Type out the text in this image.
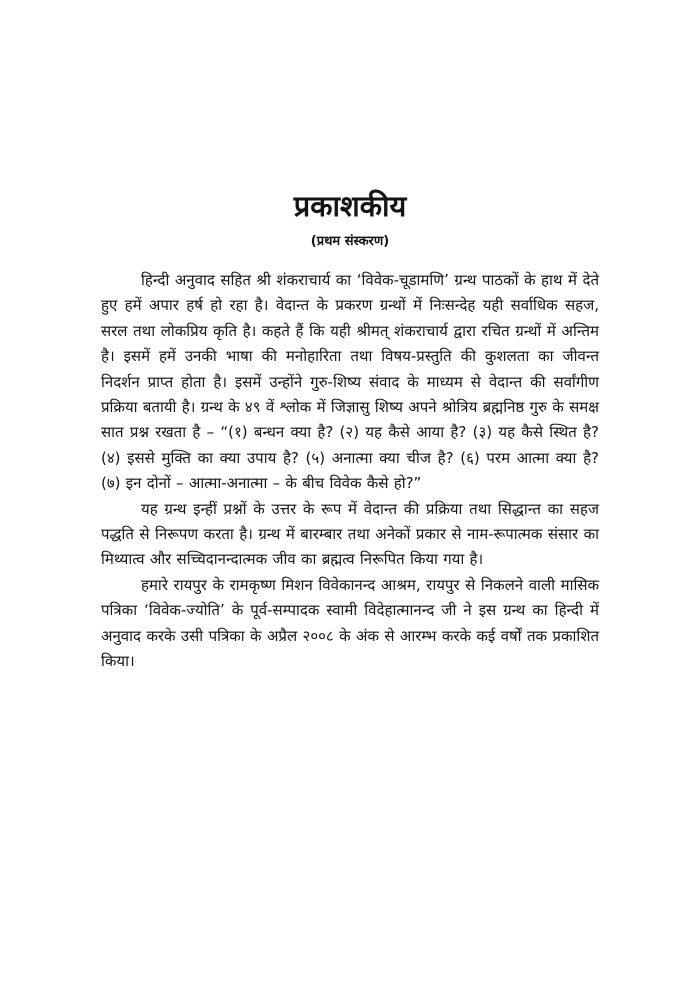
प्रकाशकीय
(प्रथम संस्करण)

हिन्दी अनुवाद सहित श्री शंकराचार्य का ‘विवेक-चूडामणि’ ग्रन्थ पाठकों के हाथ में देते हुए हमें अपार हर्ष हो रहा है। वेदान्त के प्रकरण ग्रन्थों में निःसन्देह यही सर्वाधिक सहज, सरल तथा लोकप्रिय कृति है। कहते हैं कि यही श्रीमत् शंकराचार्य द्वारा रचित ग्रन्थों में अन्तिम है। इसमें हमें उनकी भाषा की मनोहारिता तथा विषय-प्रस्तुति की कुशलता का जीवन्त निदर्शन प्राप्त होता है। इसमें उन्होंने गुरु-शिष्य संवाद के माध्यम से वेदान्त की सर्वांगीण प्रक्रिया बतायी है। ग्रन्थ के ४९ वें श्लोक में जिज्ञासु शिष्य अपने श्रोत्रिय ब्रह्मनिष्ठ गुरु के समक्ष सात प्रश्न रखता है – “(१) बन्धन क्या है? (२) यह कैसे आया है? (३) यह कैसे स्थित है? (४) इससे मुक्ति का क्या उपाय है? (५) अनात्मा क्या चीज है? (६) परम आत्मा क्या है? (७) इन दोनों – आत्मा-अनात्मा – के बीच विवेक कैसे हो?”

यह ग्रन्थ इन्हीं प्रश्नों के उत्तर के रूप में वेदान्त की प्रक्रिया तथा सिद्धान्त का सहज पद्धति से निरूपण करता है। ग्रन्थ में बारम्बार तथा अनेकों प्रकार से नाम-रूपात्मक संसार का मिथ्यात्व और सच्चिदानन्दात्मक जीव का ब्रह्मत्व निरूपित किया गया है।

हमारे रायपुर के रामकृष्ण मिशन विवेकानन्द आश्रम, रायपुर से निकलने वाली मासिक पत्रिका ‘विवेक-ज्योति’ के पूर्व-सम्पादक स्वामी विदेहात्मानन्द जी ने इस ग्रन्थ का हिन्दी में अनुवाद करके उसी पत्रिका के अप्रैल २००८ के अंक से आरम्भ करके कई वर्षों तक प्रकाशित किया।
